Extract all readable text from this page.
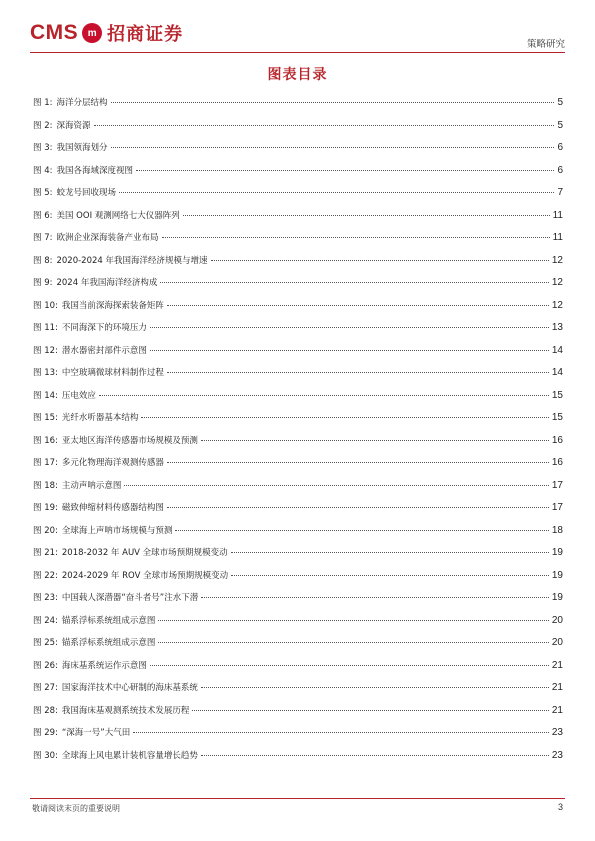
CMS m 招商证券	策略研究
图表目录
图 1: 海洋分层结构	5
图 2: 深海资源	5
图 3: 我国领海划分	6
图 4: 我国各海域深度视图	6
图 5: 蛟龙号回收现场	7
图 6: 美国 OOI 观测网络七大仪器阵列	11
图 7: 欧洲企业深海装备产业布局	11
图 8: 2020-2024 年我国海洋经济规模与增速	12
图 9: 2024 年我国海洋经济构成	12
图 10: 我国当前深海探索装备矩阵	12
图 11: 不同海深下的环境压力	13
图 12: 潜水器密封部件示意图	14
图 13: 中空玻璃微球材料制作过程	14
图 14: 压电效应	15
图 15: 光纤水听器基本结构	15
图 16: 亚太地区海洋传感器市场规模及预测	16
图 17: 多元化物理海洋观测传感器	16
图 18: 主动声呐示意图	17
图 19: 磁致伸缩材料传感器结构图	17
图 20: 全球海上声呐市场规模与预测	18
图 21: 2018-2032 年 AUV 全球市场预期规模变动	19
图 22: 2024-2029 年 ROV 全球市场预期规模变动	19
图 23: 中国载人深潜器“奋斗者号”注水下潜	19
图 24: 锚系浮标系统组成示意图	20
图 25: 锚系浮标系统组成示意图	20
图 26: 海床基系统运作示意图	21
图 27: 国家海洋技术中心研制的海床基系统	21
图 28: 我国海床基观测系统技术发展历程	21
图 29: “深海一号”大气田	23
图 30: 全球海上风电累计装机容量增长趋势	23
敬请阅读末页的重要说明	3
